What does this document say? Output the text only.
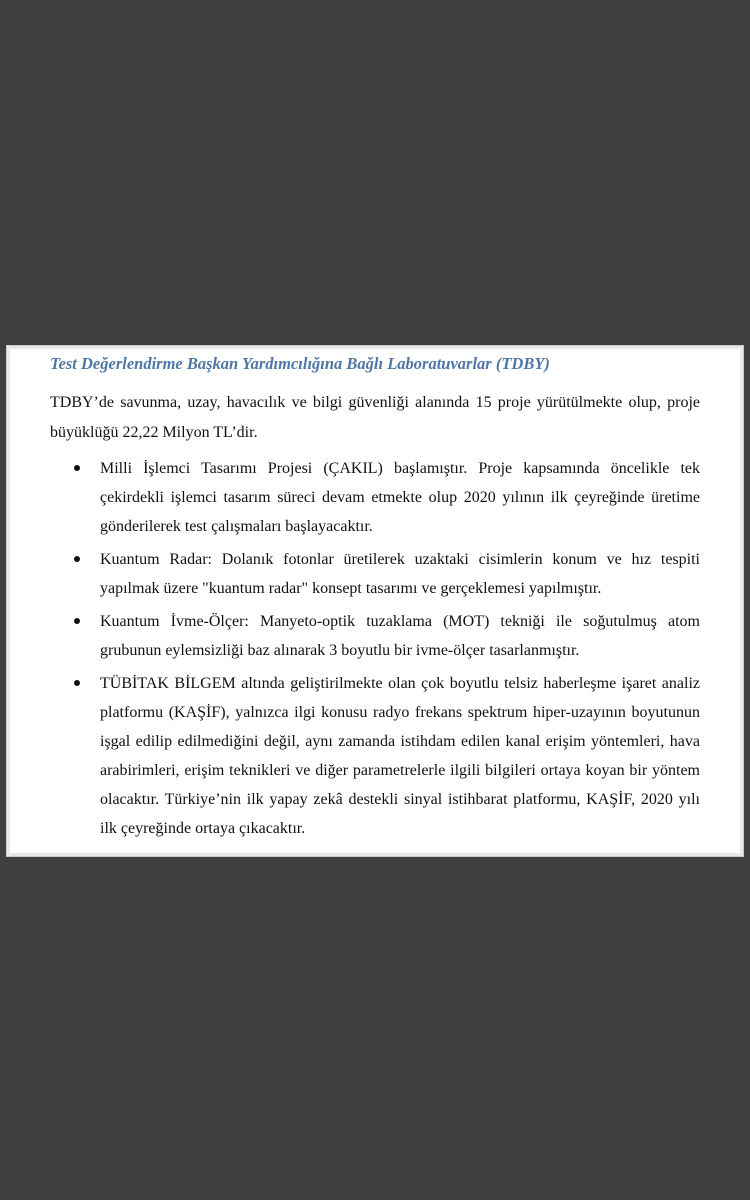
Test Değerlendirme Başkan Yardımcılığına Bağlı Laboratuvarlar (TDBY)

TDBY’de savunma, uzay, havacılık ve bilgi güvenliği alanında 15 proje yürütülmekte olup, proje büyüklüğü 22,22 Milyon TL’dir.

Milli İşlemci Tasarımı Projesi (ÇAKIL) başlamıştır. Proje kapsamında öncelikle tek çekirdekli işlemci tasarım süreci devam etmekte olup 2020 yılının ilk çeyreğinde üretime gönderilerek test çalışmaları başlayacaktır.
Kuantum Radar: Dolanık fotonlar üretilerek uzaktaki cisimlerin konum ve hız tespiti yapılmak üzere "kuantum radar" konsept tasarımı ve gerçeklemesi yapılmıştır.
Kuantum İvme-Ölçer: Manyeto-optik tuzaklama (MOT) tekniği ile soğutulmuş atom grubunun eylemsizliği baz alınarak 3 boyutlu bir ivme-ölçer tasarlanmıştır.
TÜBİTAK BİLGEM altında geliştirilmekte olan çok boyutlu telsiz haberleşme işaret analiz platformu (KAŞİF), yalnızca ilgi konusu radyo frekans spektrum hiper-uzayının boyutunun işgal edilip edilmediğini değil, aynı zamanda istihdam edilen kanal erişim yöntemleri, hava arabirimleri, erişim teknikleri ve diğer parametrelerle ilgili bilgileri ortaya koyan bir yöntem olacaktır. Türkiye’nin ilk yapay zekâ destekli sinyal istihbarat platformu, KAŞİF, 2020 yılı ilk çeyreğinde ortaya çıkacaktır.
